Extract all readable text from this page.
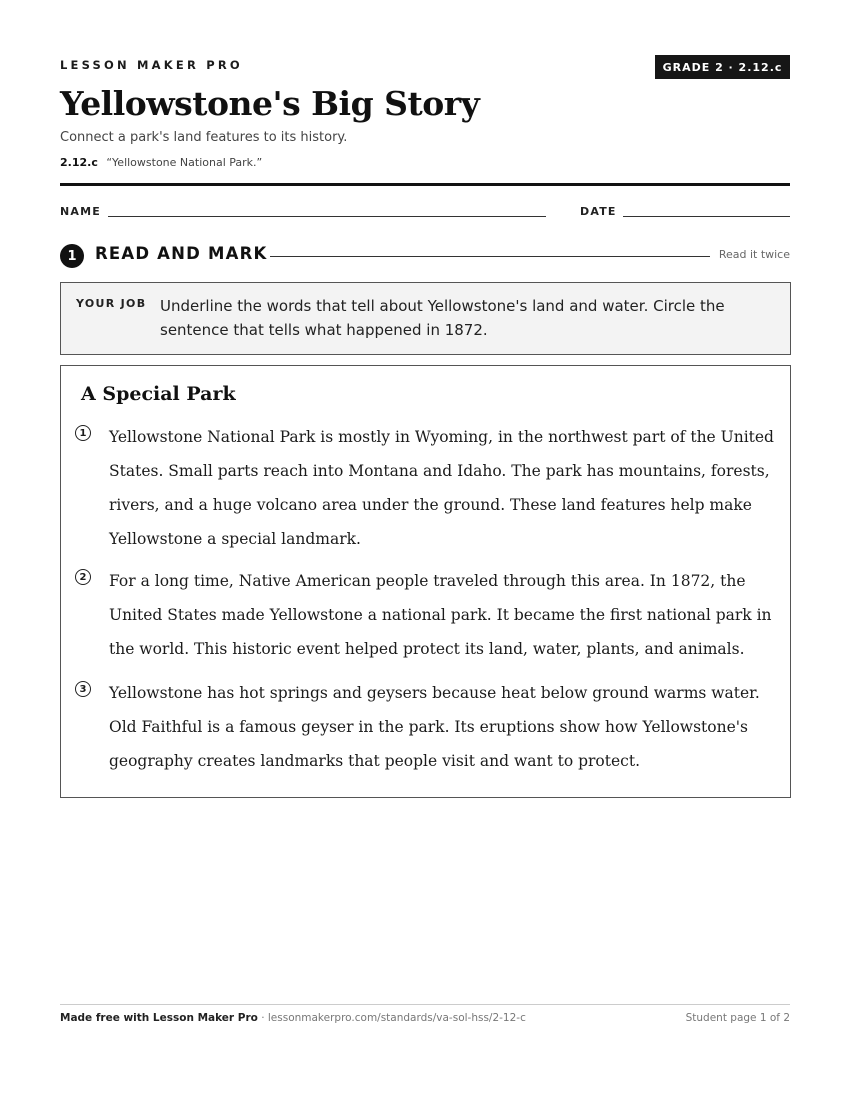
LESSON MAKER PRO	GRADE 2 · 2.12.c
Yellowstone's Big Story
Connect a park's land features to its history.
2.12.c “Yellowstone National Park.”
NAME	DATE
1	READ AND MARK	Read it twice
YOUR JOB Underline the words that tell about Yellowstone's land and water. Circle the sentence that tells what happened in 1872.
A Special Park
1 Yellowstone National Park is mostly in Wyoming, in the northwest part of the United States. Small parts reach into Montana and Idaho. The park has mountains, forests, rivers, and a huge volcano area under the ground. These land features help make Yellowstone a special landmark.
2 For a long time, Native American people traveled through this area. In 1872, the United States made Yellowstone a national park. It became the first national park in the world. This historic event helped protect its land, water, plants, and animals.
3 Yellowstone has hot springs and geysers because heat below ground warms water. Old Faithful is a famous geyser in the park. Its eruptions show how Yellowstone's geography creates landmarks that people visit and want to protect.
Made free with Lesson Maker Pro · lessonmakerpro.com/standards/va-sol-hss/2-12-c	Student page 1 of 2
